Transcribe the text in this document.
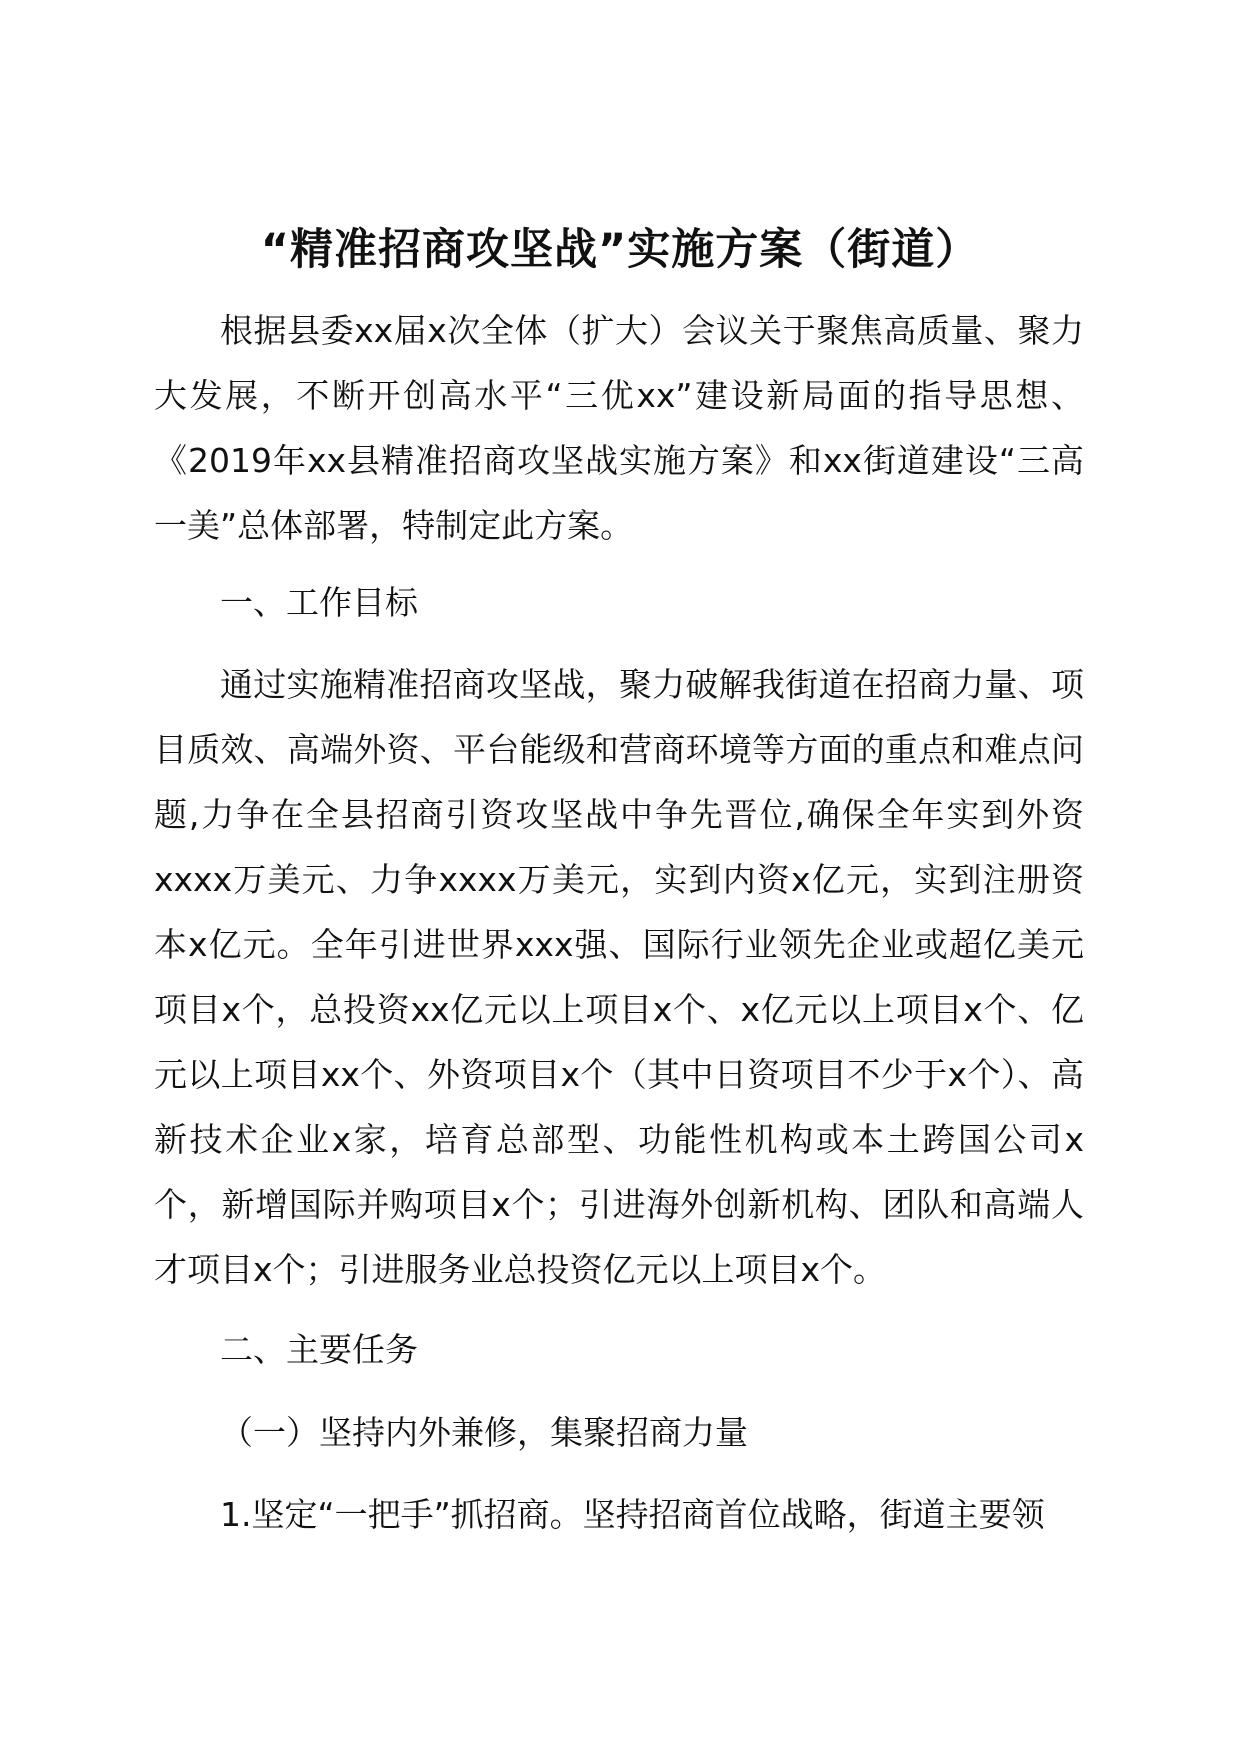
“精准招商攻坚战”实施方案（街道）

根据县委xx届x次全体（扩大）会议关于聚焦高质量、聚力大发展，不断开创高水平“三优xx”建设新局面的指导思想、《2019年xx县精准招商攻坚战实施方案》和xx街道建设“三高一美”总体部署，特制定此方案。

一、工作目标

通过实施精准招商攻坚战，聚力破解我街道在招商力量、项目质效、高端外资、平台能级和营商环境等方面的重点和难点问题,力争在全县招商引资攻坚战中争先晋位,确保全年实到外资xxxx万美元、力争xxxx万美元，实到内资x亿元，实到注册资本x亿元。全年引进世界xxx强、国际行业领先企业或超亿美元项目x个，总投资xx亿元以上项目x个、x亿元以上项目x个、亿元以上项目xx个、外资项目x个（其中日资项目不少于x个）、高新技术企业x家，培育总部型、功能性机构或本土跨国公司x个，新增国际并购项目x个；引进海外创新机构、团队和高端人才项目x个；引进服务业总投资亿元以上项目x个。

二、主要任务

（一）坚持内外兼修，集聚招商力量

1.坚定“一把手”抓招商。坚持招商首位战略，街道主要领
